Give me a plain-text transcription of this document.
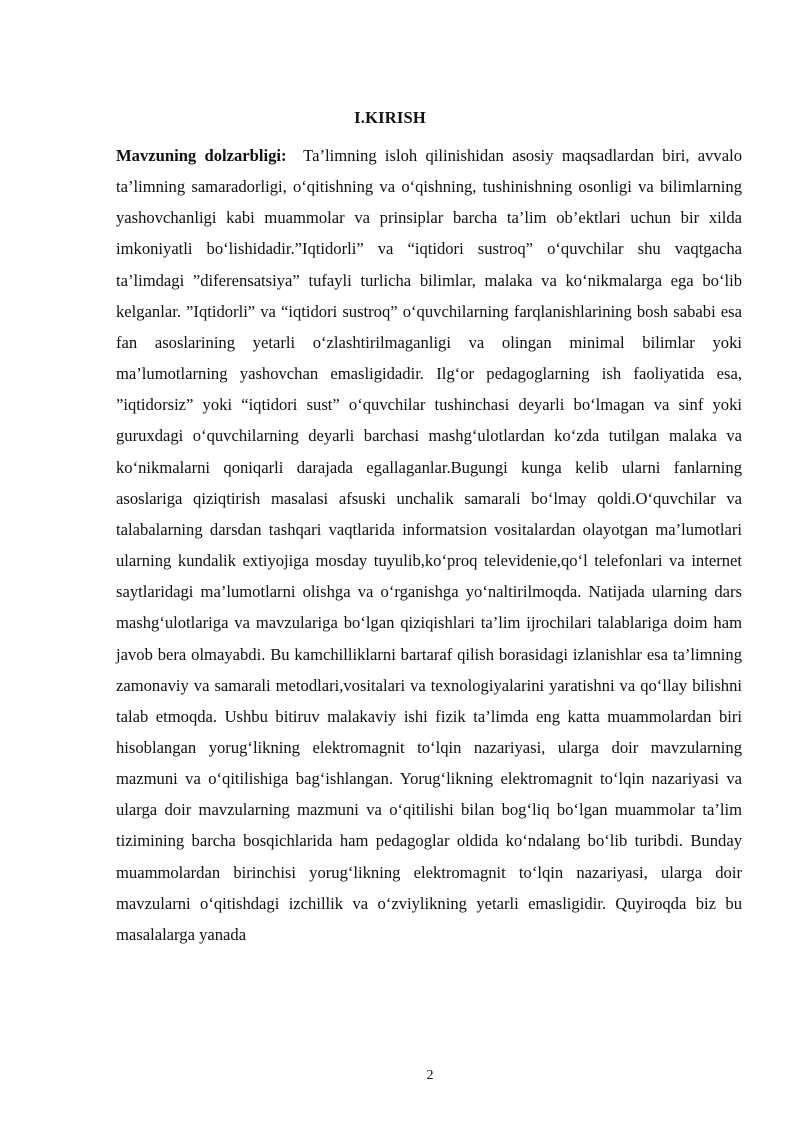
I.KIRISH

Mavzuning dolzarbligi: Ta’limning isloh qilinishidan asosiy maqsadlardan biri, avvalo ta’limning samaradorligi, o‘qitishning va o‘qishning, tushinishning osonligi va bilimlarning yashovchanligi kabi muammolar va prinsiplar barcha ta’lim ob’ektlari uchun bir xilda imkoniyatli bo‘lishidadir.”Iqtidorli” va “iqtidori sustroq” o‘quvchilar shu vaqtgacha ta’limdagi ”diferensatsiya” tufayli turlicha bilimlar, malaka va ko‘nikmalarga ega bo‘lib kelganlar. ”Iqtidorli” va “iqtidori sustroq” o‘quvchilarning farqlanishlarining bosh sababi esa fan asoslarining yetarli o‘zlashtirilmaganligi va olingan minimal bilimlar yoki ma’lumotlarning yashovchan emasligidadir. Ilg‘or pedagoglarning ish faoliyatida esa, ”iqtidorsiz” yoki “iqtidori sust” o‘quvchilar tushinchasi deyarli bo‘lmagan va sinf yoki guruxdagi o‘quvchilarning deyarli barchasi mashg‘ulotlardan ko‘zda tutilgan malaka va ko‘nikmalarni qoniqarli darajada egallaganlar.Bugungi kunga kelib ularni fanlarning asoslariga qiziqtirish masalasi afsuski unchalik samarali bo‘lmay qoldi.O‘quvchilar va talabalarning darsdan tashqari vaqtlarida informatsion vositalardan olayotgan ma’lumotlari ularning kundalik extiyojiga mosday tuyulib,ko‘proq televidenie,qo‘l telefonlari va internet saytlaridagi ma’lumotlarni olishga va o‘rganishga yo‘naltirilmoqda. Natijada ularning dars mashg‘ulotlariga va mavzulariga bo‘lgan qiziqishlari ta’lim ijrochilari talablariga doim ham javob bera olmayabdi. Bu kamchilliklarni bartaraf qilish borasidagi izlanishlar esa ta’limning zamonaviy va samarali metodlari,vositalari va texnologiyalarini yaratishni va qo‘llay bilishni talab etmoqda. Ushbu bitiruv malakaviy ishi fizik ta’limda eng katta muammolardan biri hisoblangan yorug‘likning elektromagnit to‘lqin nazariyasi, ularga doir mavzularning mazmuni va o‘qitilishiga bag‘ishlangan. Yorug‘likning elektromagnit to‘lqin nazariyasi va ularga doir mavzularning mazmuni va o‘qitilishi bilan bog‘liq bo‘lgan muammolar ta’lim tizimining barcha bosqichlarida ham pedagoglar oldida ko‘ndalang bo‘lib turibdi. Bunday muammolardan birinchisi yorug‘likning elektromagnit to‘lqin nazariyasi, ularga doir mavzularni o‘qitishdagi izchillik va o‘zviylikning yetarli emasligidir. Quyiroqda biz bu masalalarga yanada

2
